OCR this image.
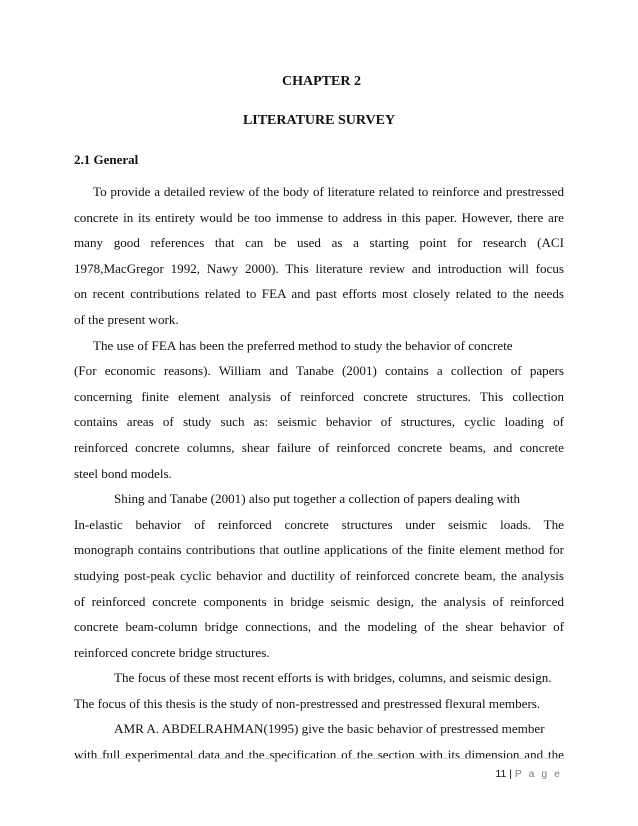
CHAPTER 2
LITERATURE SURVEY
2.1 General
To provide a detailed review of the body of literature related to reinforce and prestressed
concrete in its entirety would be too immense to address in this paper. However, there are
many good references that can be used as a starting point for research (ACI
1978,MacGregor 1992, Nawy 2000). This literature review and introduction will focus
on recent contributions related to FEA and past efforts most closely related to the needs
of the present work.
The use of FEA has been the preferred method to study the behavior of concrete
(For economic reasons). William and Tanabe (2001) contains a collection of papers
concerning finite element analysis of reinforced concrete structures. This collection
contains areas of study such as: seismic behavior of structures, cyclic loading of
reinforced concrete columns, shear failure of reinforced concrete beams, and concrete
steel bond models.
Shing and Tanabe (2001) also put together a collection of papers dealing with
In-elastic behavior of reinforced concrete structures under seismic loads. The
monograph contains contributions that outline applications of the finite element method for
studying post-peak cyclic behavior and ductility of reinforced concrete beam, the analysis
of reinforced concrete components in bridge seismic design, the analysis of reinforced
concrete beam-column bridge connections, and the modeling of the shear behavior of
reinforced concrete bridge structures.
The focus of these most recent efforts is with bridges, columns, and seismic design.
The focus of this thesis is the study of non-prestressed and prestressed flexural members.
AMR A. ABDELRAHMAN(1995) give the basic behavior of prestressed member
with full experimental data and the specification of the section with its dimension and the
11 | P a g e
